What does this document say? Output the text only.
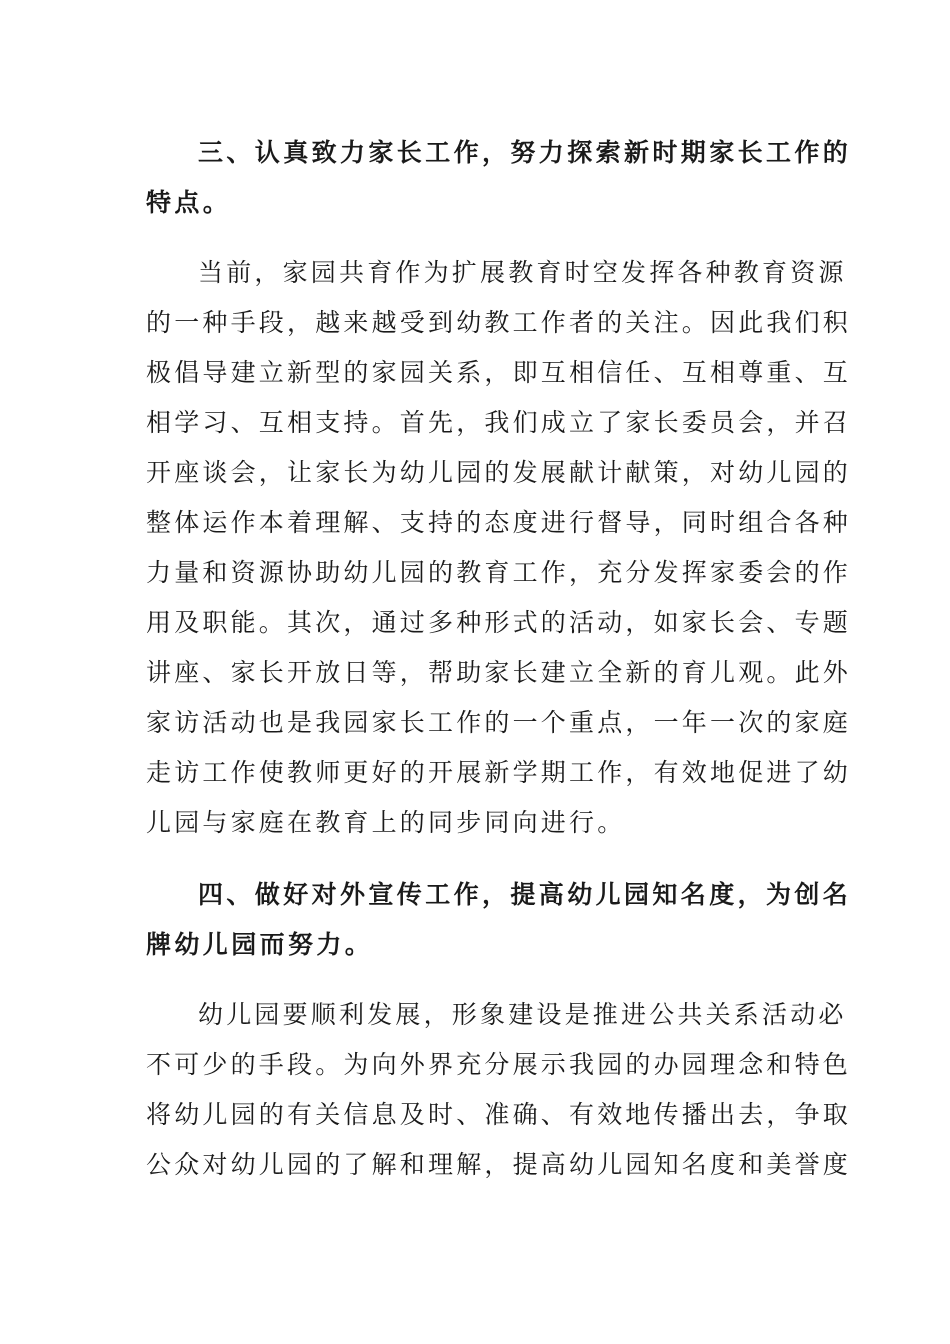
三、认真致力家长工作，努力探索新时期家长工作的
特点。
当前，家园共育作为扩展教育时空发挥各种教育资源
的一种手段，越来越受到幼教工作者的关注。因此我们积
极倡导建立新型的家园关系，即互相信任、互相尊重、互
相学习、互相支持。首先，我们成立了家长委员会，并召
开座谈会，让家长为幼儿园的发展献计献策，对幼儿园的
整体运作本着理解、支持的态度进行督导，同时组合各种
力量和资源协助幼儿园的教育工作，充分发挥家委会的作
用及职能。其次，通过多种形式的活动，如家长会、专题
讲座、家长开放日等，帮助家长建立全新的育儿观。此外
家访活动也是我园家长工作的一个重点，一年一次的家庭
走访工作使教师更好的开展新学期工作，有效地促进了幼
儿园与家庭在教育上的同步同向进行。
四、做好对外宣传工作，提高幼儿园知名度，为创名
牌幼儿园而努力。
幼儿园要顺利发展，形象建设是推进公共关系活动必
不可少的手段。为向外界充分展示我园的办园理念和特色
将幼儿园的有关信息及时、准确、有效地传播出去，争取
公众对幼儿园的了解和理解，提高幼儿园知名度和美誉度
